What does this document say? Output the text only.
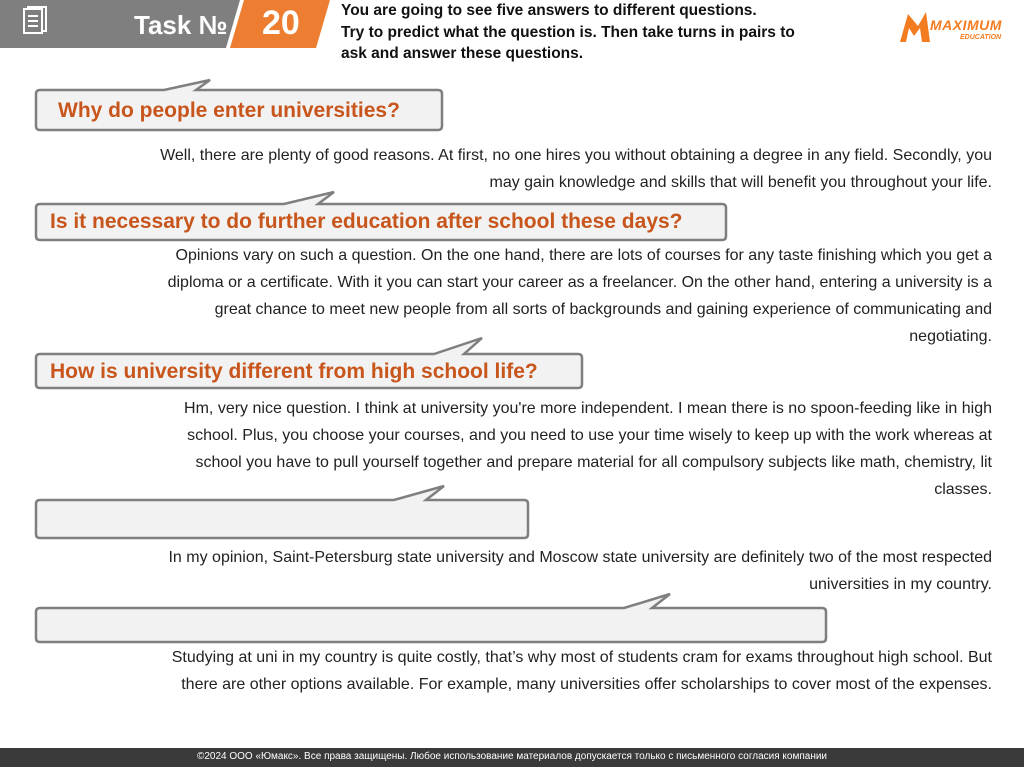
Task № 20	You are going to see five answers to different questions.
Try to predict what the question is. Then take turns in pairs to
ask and answer these questions.
MAXIMUM
EDUCATION
Why do people enter universities?
Well, there are plenty of good reasons. At first, no one hires you without obtaining a degree in any field. Secondly, you
may gain knowledge and skills that will benefit you throughout your life.
Is it necessary to do further education after school these days?
Opinions vary on such a question. On the one hand, there are lots of courses for any taste finishing which you get a
diploma or a certificate. With it you can start your career as a freelancer. On the other hand, entering a university is a
great chance to meet new people from all sorts of backgrounds and gaining experience of communicating and
negotiating.
How is university different from high school life?
Hm, very nice question. I think at university you're more independent. I mean there is no spoon-feeding like in high
school. Plus, you choose your courses, and you need to use your time wisely to keep up with the work whereas at
school you have to pull yourself together and prepare material for all compulsory subjects like math, chemistry, lit
classes.
In my opinion, Saint-Petersburg state university and Moscow state university are definitely two of the most respected
universities in my country.
Studying at uni in my country is quite costly, that’s why most of students cram for exams throughout high school. But
there are other options available. For example, many universities offer scholarships to cover most of the expenses.
©2024 ООО «Юмакс». Все права защищены. Любое использование материалов допускается только с письменного согласия компании
